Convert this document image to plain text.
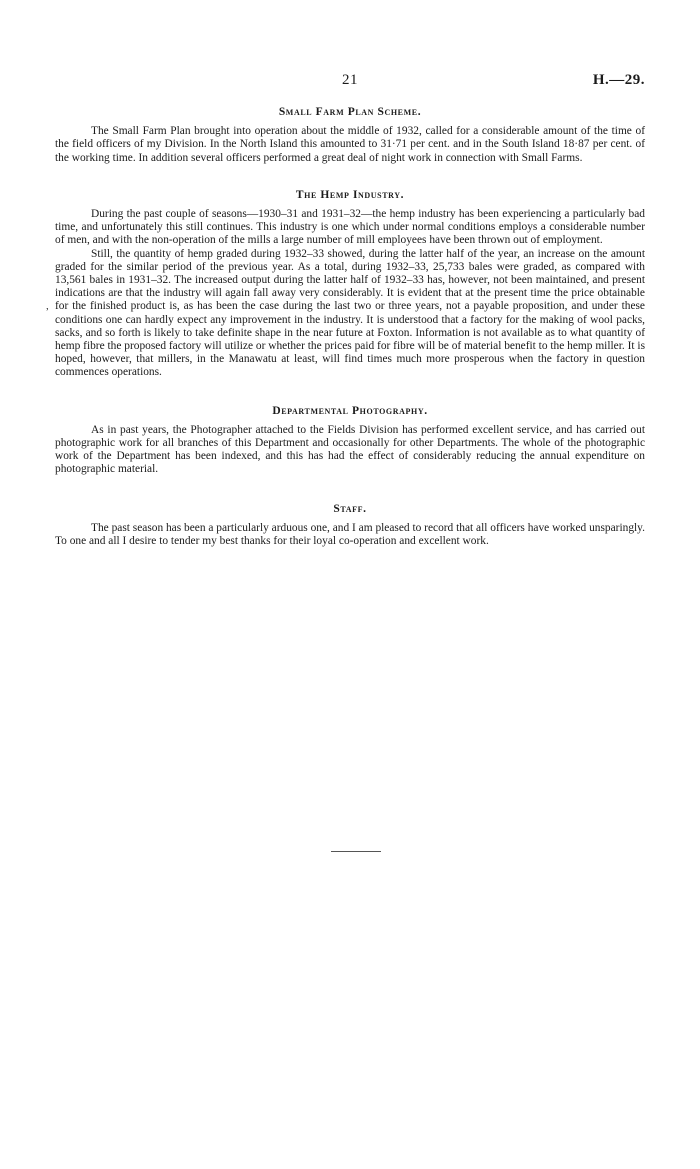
21	H.—29.
,
Small Farm Plan Scheme.

The Small Farm Plan brought into operation about the middle of 1932, called for a considerable amount of the time of the field officers of my Division. In the North Island this amounted to 31·71 per cent. and in the South Island 18·87 per cent. of the working time. In addition several officers performed a great deal of night work in connection with Small Farms.

The Hemp Industry.

During the past couple of seasons—1930–31 and 1931–32—the hemp industry has been experiencing a particularly bad time, and unfortunately this still continues. This industry is one which under normal conditions employs a considerable number of men, and with the non-operation of the mills a large number of mill employees have been thrown out of employment.

Still, the quantity of hemp graded during 1932–33 showed, during the latter half of the year, an increase on the amount graded for the similar period of the previous year. As a total, during 1932–33, 25,733 bales were graded, as compared with 13,561 bales in 1931–32. The increased output during the latter half of 1932–33 has, however, not been maintained, and present indications are that the industry will again fall away very considerably. It is evident that at the present time the price obtainable for the finished product is, as has been the case during the last two or three years, not a payable proposition, and under these conditions one can hardly expect any improvement in the industry. It is understood that a factory for the making of wool packs, sacks, and so forth is likely to take definite shape in the near future at Foxton. Information is not available as to what quantity of hemp fibre the proposed factory will utilize or whether the prices paid for fibre will be of material benefit to the hemp miller. It is hoped, however, that millers, in the Manawatu at least, will find times much more prosperous when the factory in question commences operations.

Departmental Photography.

As in past years, the Photographer attached to the Fields Division has performed excellent service, and has carried out photographic work for all branches of this Department and occasionally for other Departments. The whole of the photographic work of the Department has been indexed, and this has had the effect of considerably reducing the annual expenditure on photographic material.

Staff.

The past season has been a particularly arduous one, and I am pleased to record that all officers have worked unsparingly. To one and all I desire to tender my best thanks for their loyal co-operation and excellent work.
